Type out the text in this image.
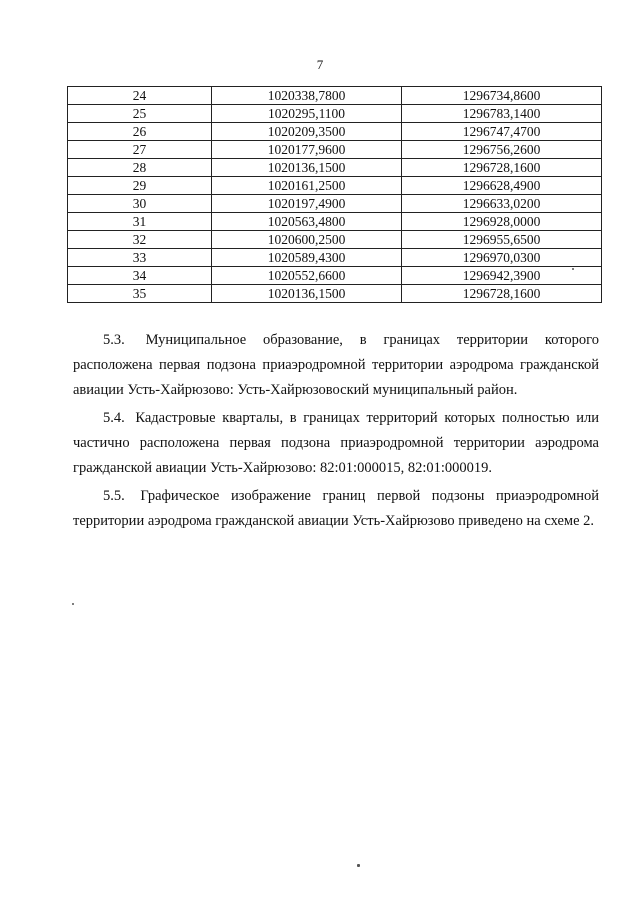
7
24	1020338,7800	1296734,8600
25	1020295,1100	1296783,1400
26	1020209,3500	1296747,4700
27	1020177,9600	1296756,2600
28	1020136,1500	1296728,1600
29	1020161,2500	1296628,4900
30	1020197,4900	1296633,0200
31	1020563,4800	1296928,0000
32	1020600,2500	1296955,6500
33	1020589,4300	1296970,0300
34	1020552,6600	1296942,3900
35	1020136,1500	1296728,1600

5.3. Муниципальное образование, в границах территории которого расположена первая подзона приаэродромной территории аэродрома гражданской авиации Усть-Хайрюзово: Усть-Хайрюзовоский муниципальный район.

5.4. Кадастровые кварталы, в границах территорий которых полностью или частично расположена первая подзона приаэродромной территории аэродрома гражданской авиации Усть-Хайрюзово: 82:01:000015, 82:01:000019.

5.5. Графическое изображение границ первой подзоны приаэродромной территории аэродрома гражданской авиации Усть-Хайрюзово приведено на схеме 2.
